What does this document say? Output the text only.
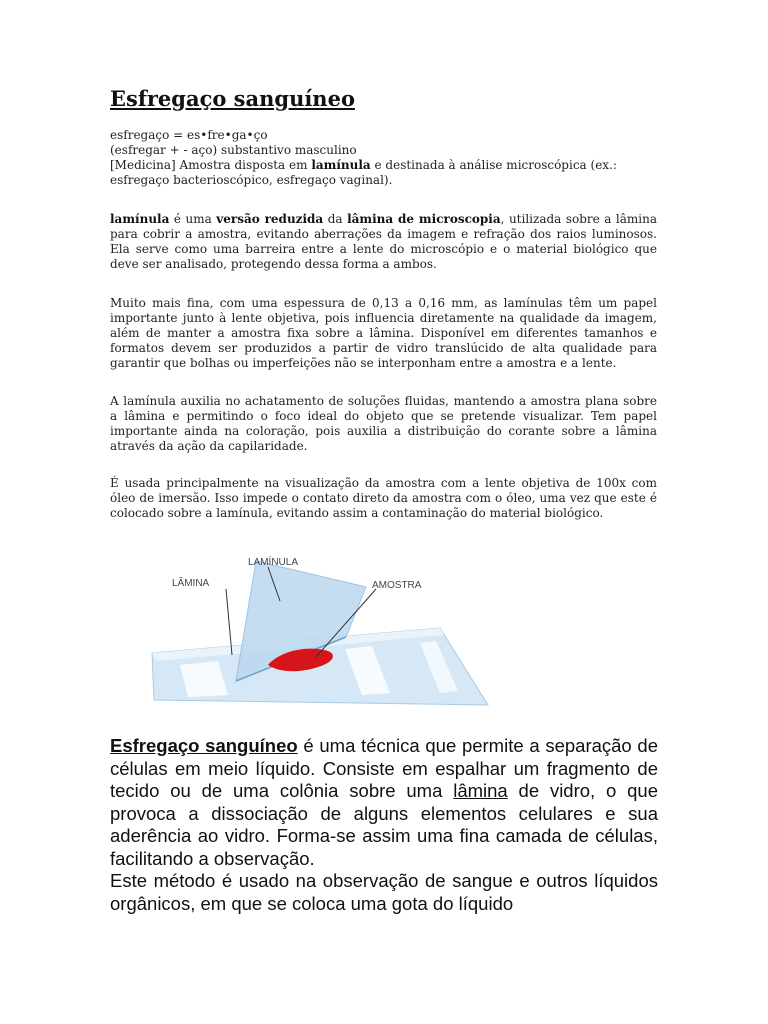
Esfregaço sanguíneo
esfregaço = es•fre•ga•ço
(esfregar + - aço) substantivo masculino
[Medicina] Amostra disposta em lamínula e destinada à análise microscópica (ex.: esfregaço bacterioscópico, esfregaço vaginal).

lamínula é uma versão reduzida da lâmina de microscopia, utilizada sobre a lâmina para cobrir a amostra, evitando aberrações da imagem e refração dos raios luminosos. Ela serve como uma barreira entre a lente do microscópio e o material biológico que deve ser analisado, protegendo dessa forma a ambos.

Muito mais fina, com uma espessura de 0,13 a 0,16 mm, as lamínulas têm um papel importante junto à lente objetiva, pois influencia diretamente na qualidade da imagem, além de manter a amostra fixa sobre a lâmina. Disponível em diferentes tamanhos e formatos devem ser produzidos a partir de vidro translúcido de alta qualidade para garantir que bolhas ou imperfeições não se interponham entre a amostra e a lente.

A lamínula auxilia no achatamento de soluções fluidas, mantendo a amostra plana sobre a lâmina e permitindo o foco ideal do objeto que se pretende visualizar. Tem papel importante ainda na coloração, pois auxilia a distribuição do corante sobre a lâmina através da ação da capilaridade.

É usada principalmente na visualização da amostra com a lente objetiva de 100x com óleo de imersão. Isso impede o contato direto da amostra com o óleo, uma vez que este é colocado sobre a lamínula, evitando assim a contaminação do material biológico.

LÂMINA
LAMÍNULA
AMOSTRA
Esfregaço sanguíneo é uma técnica que permite a separação de células em meio líquido. Consiste em espalhar um fragmento de tecido ou de uma colônia sobre uma lâmina de vidro, o que provoca a dissociação de alguns elementos celulares e sua aderência ao vidro. Forma-se assim uma fina camada de células, facilitando a observação.
Este método é usado na observação de sangue e outros líquidos orgânicos, em que se coloca uma gota do líquido
